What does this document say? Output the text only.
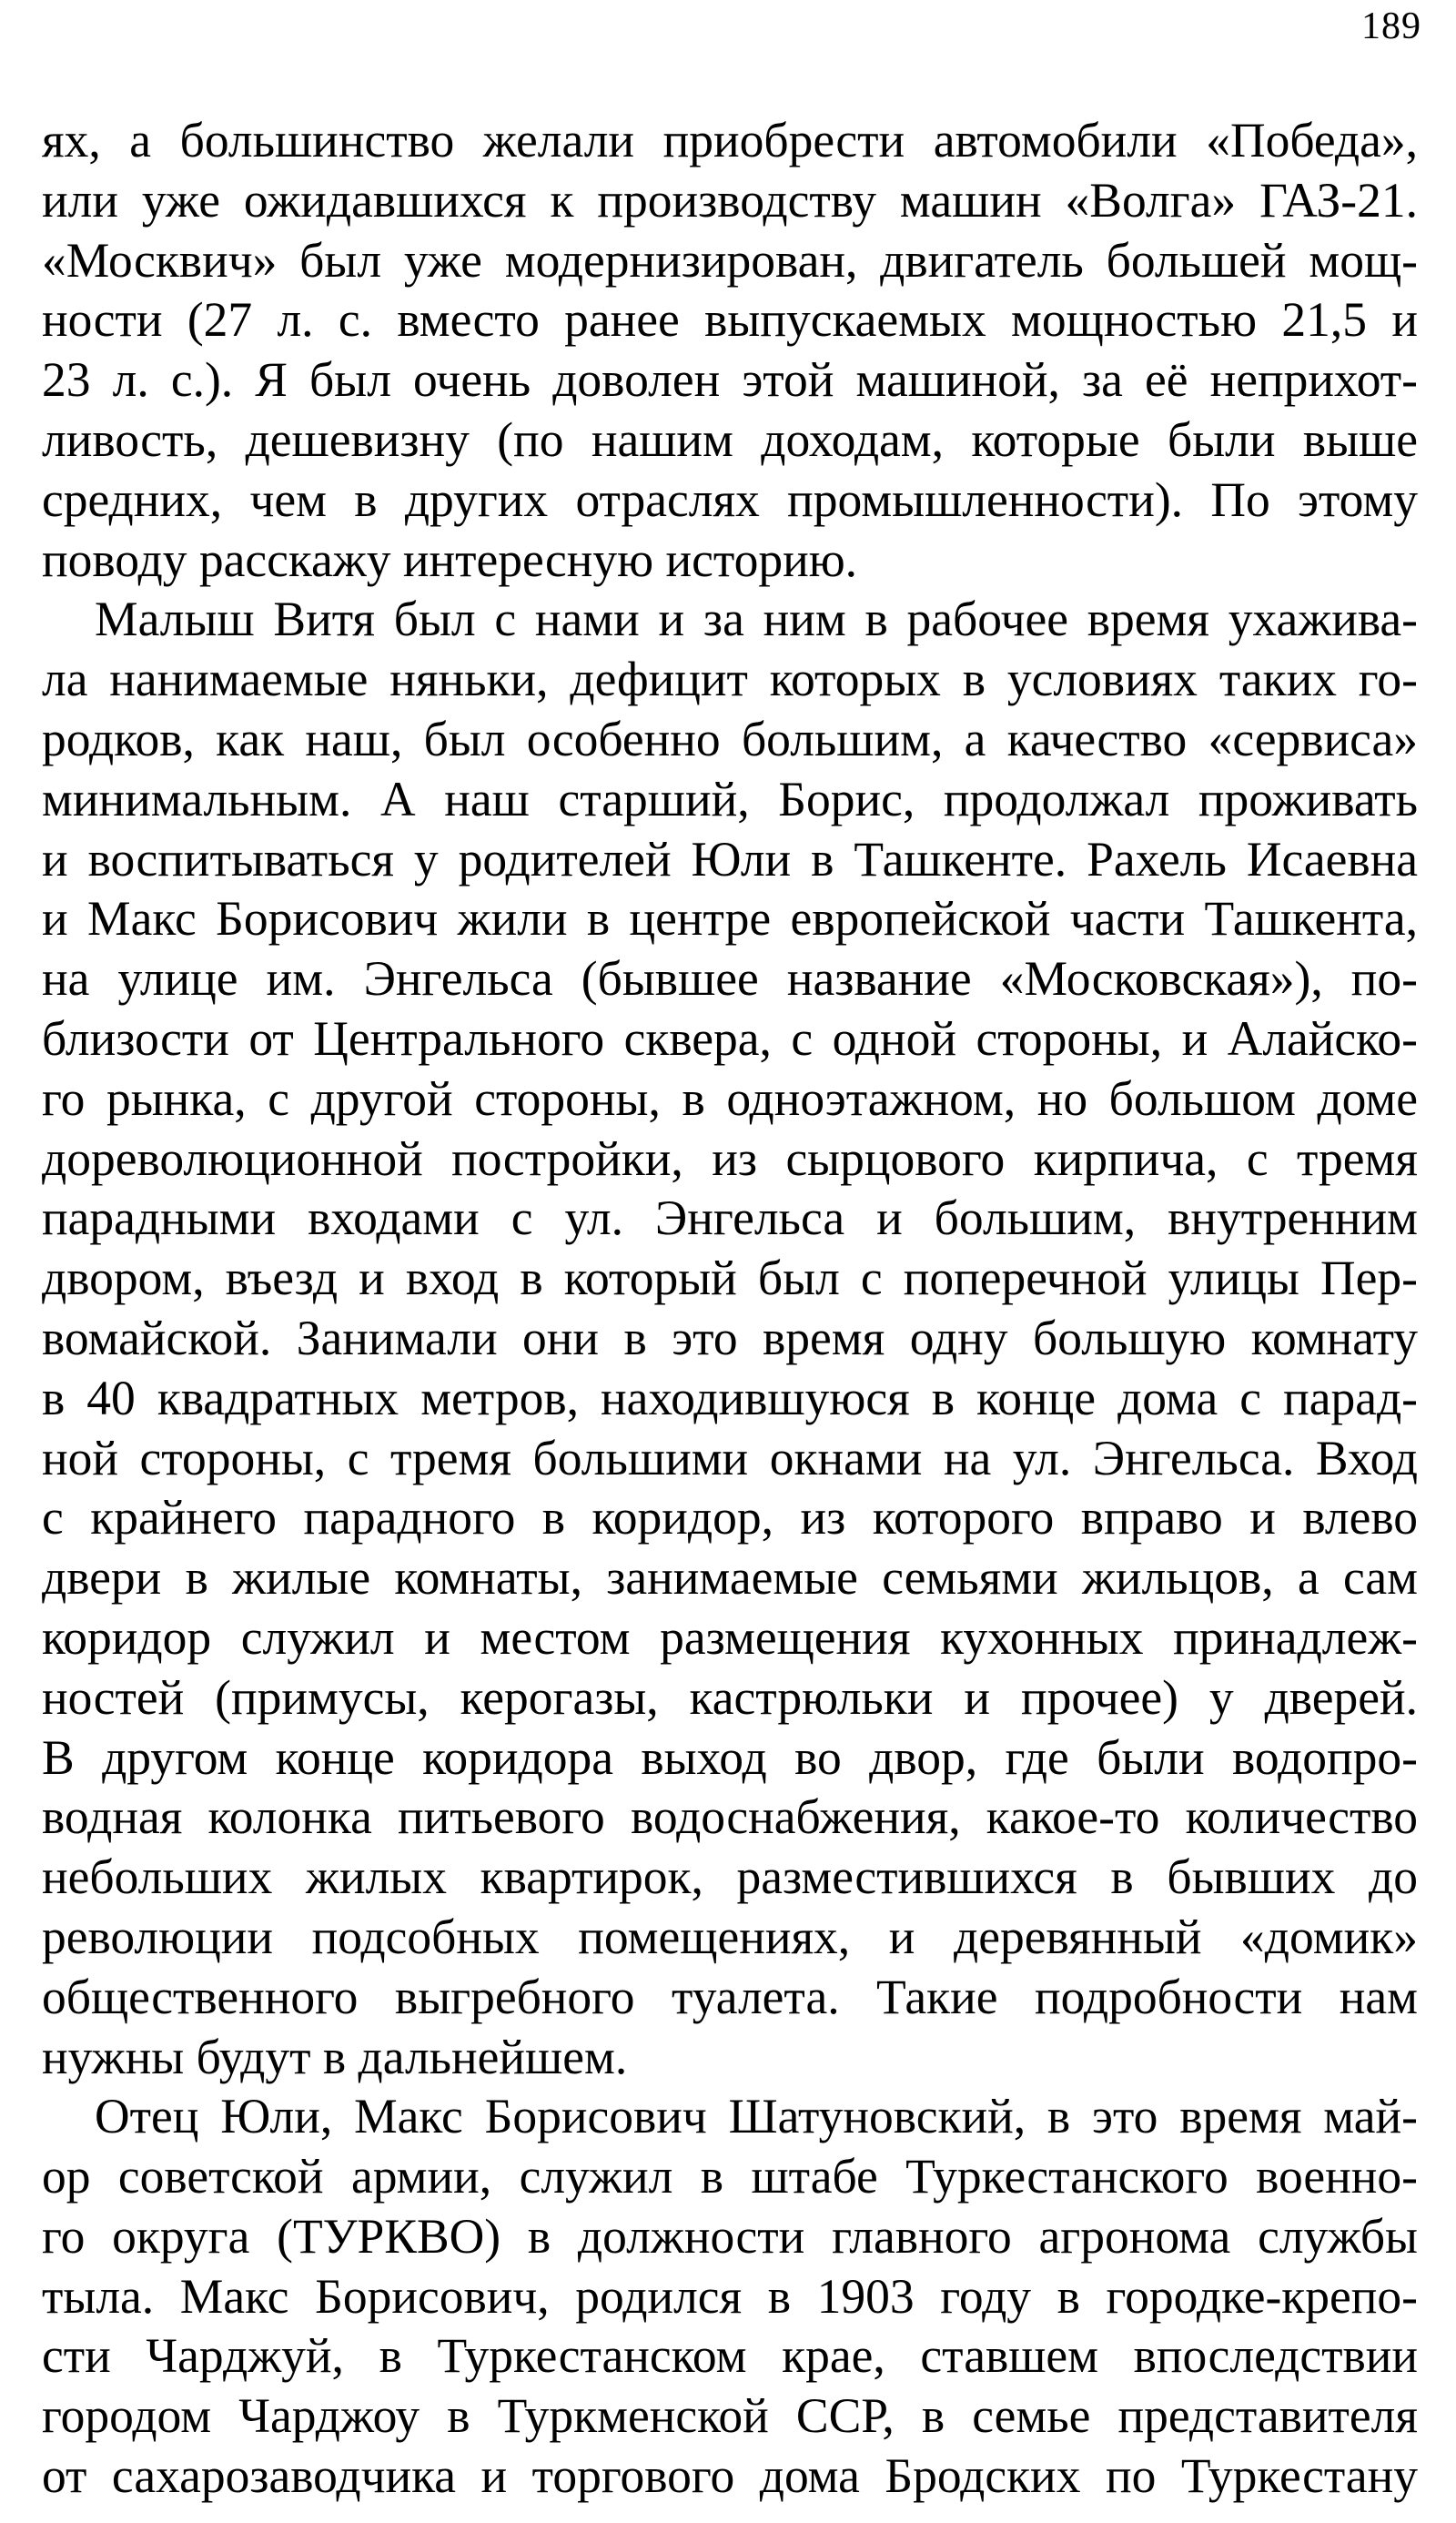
189
ях, а большинство желали приобрести автомобили «Победа»,
или уже ожидавшихся к производству машин «Волга» ГАЗ-21.
«Москвич» был уже модернизирован, двигатель большей мощ-
ности (27 л. с. вместо ранее выпускаемых мощностью 21,5 и
23 л. с.). Я был очень доволен этой машиной, за её неприхот-
ливость, дешевизну (по нашим доходам, которые были выше
средних, чем в других отраслях промышленности). По этому
поводу расскажу интересную историю.
Малыш Витя был с нами и за ним в рабочее время ухажива-
ла нанимаемые няньки, дефицит которых в условиях таких го-
родков, как наш, был особенно большим, а качество «сервиса»
минимальным. А наш старший, Борис, продолжал проживать
и воспитываться у родителей Юли в Ташкенте. Рахель Исаевна
и Макс Борисович жили в центре европейской части Ташкента,
на улице им. Энгельса (бывшее название «Московская»), по-
близости от Центрального сквера, с одной стороны, и Алайско-
го рынка, с другой стороны, в одноэтажном, но большом доме
дореволюционной постройки, из сырцового кирпича, с тремя
парадными входами с ул. Энгельса и большим, внутренним
двором, въезд и вход в который был с поперечной улицы Пер-
вомайской. Занимали они в это время одну большую комнату
в 40 квадратных метров, находившуюся в конце дома с парад-
ной стороны, с тремя большими окнами на ул. Энгельса. Вход
с крайнего парадного в коридор, из которого вправо и влево
двери в жилые комнаты, занимаемые семьями жильцов, а сам
коридор служил и местом размещения кухонных принадлеж-
ностей (примусы, керогазы, кастрюльки и прочее) у дверей.
В другом конце коридора выход во двор, где были водопро-
водная колонка питьевого водоснабжения, какое-то количество
небольших жилых квартирок, разместившихся в бывших до
революции подсобных помещениях, и деревянный «домик»
общественного выгребного туалета. Такие подробности нам
нужны будут в дальнейшем.
Отец Юли, Макс Борисович Шатуновский, в это время май-
ор советской армии, служил в штабе Туркестанского военно-
го округа (ТУРКВО) в должности главного агронома службы
тыла. Макс Борисович, родился в 1903 году в городке-крепо-
сти Чарджуй, в Туркестанском крае, ставшем впоследствии
городом Чарджоу в Туркменской ССР, в семье представителя
от сахарозаводчика и торгового дома Бродских по Туркестану
